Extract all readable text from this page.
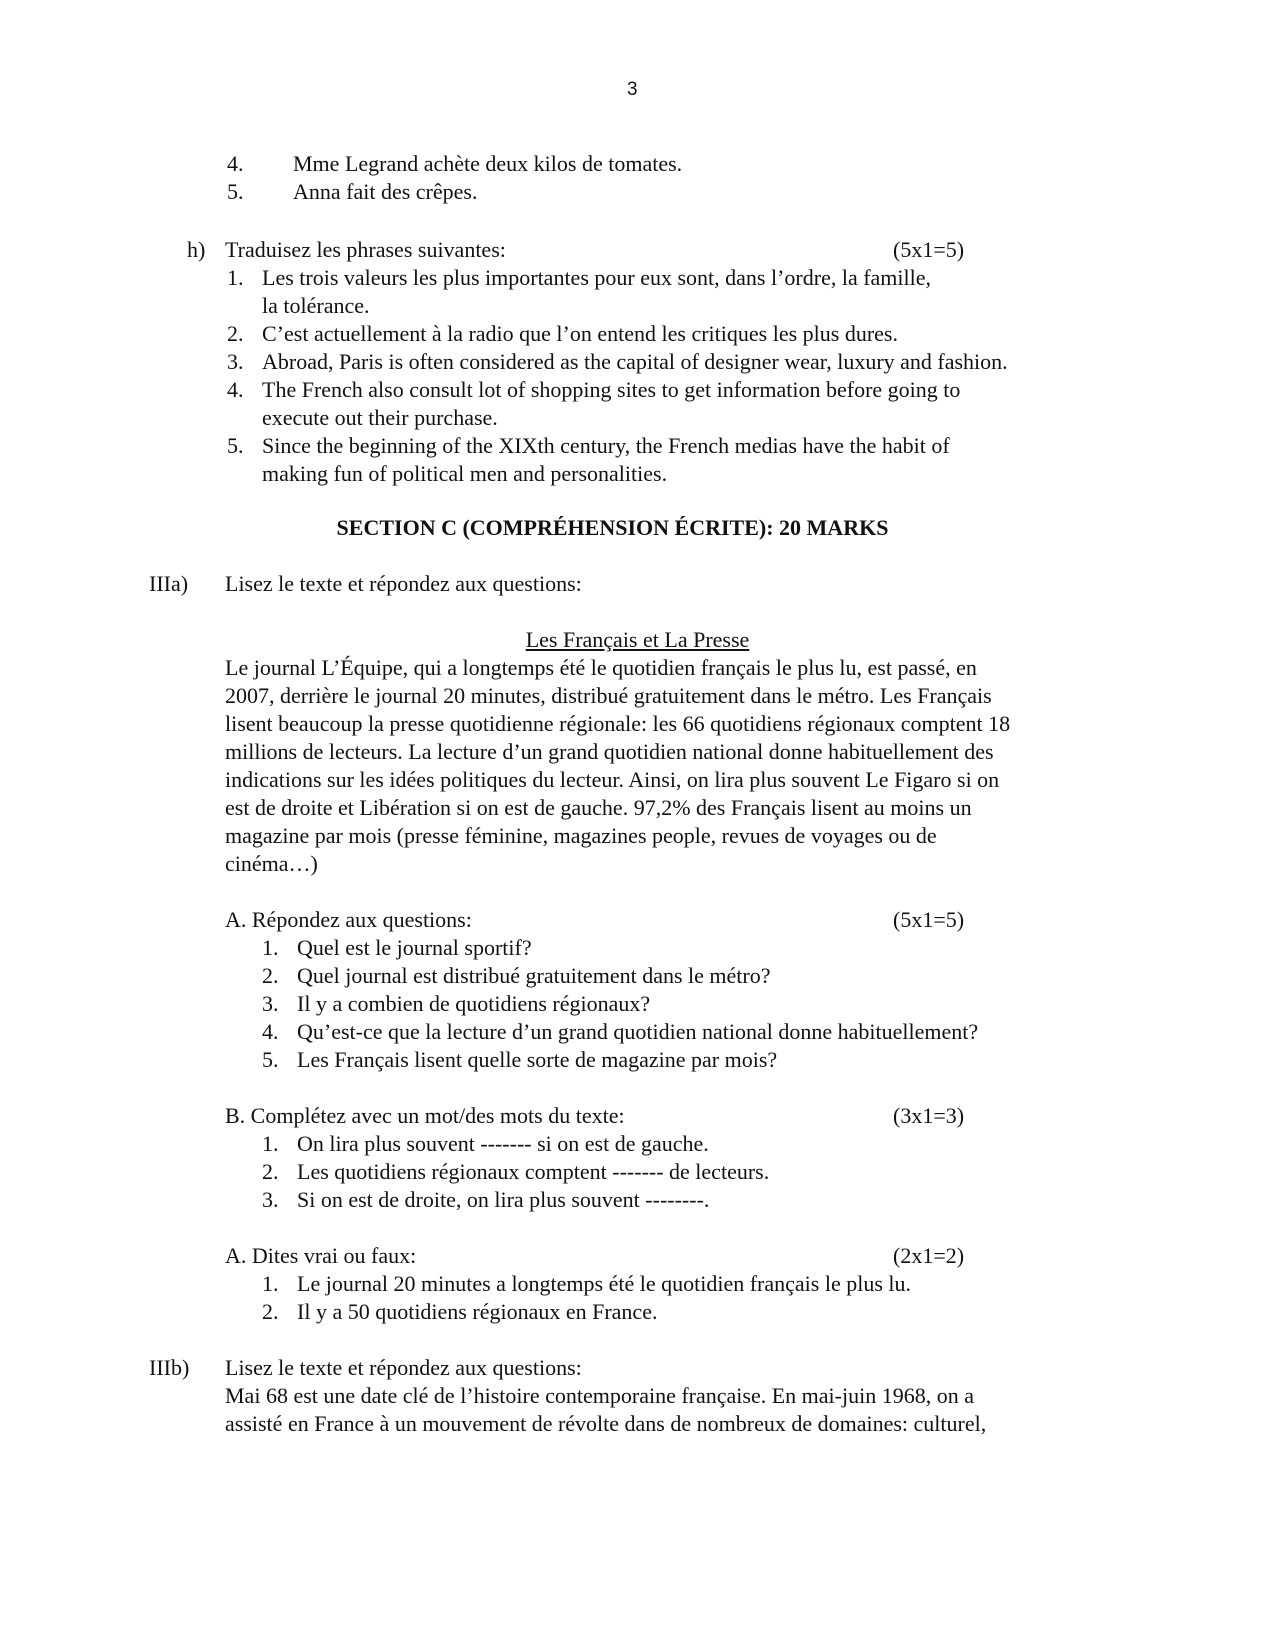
3
4. Mme Legrand achète deux kilos de tomates.
5. Anna fait des crêpes.
h) Traduisez les phrases suivantes:	(5x1=5)
1. Les trois valeurs les plus importantes pour eux sont, dans l’ordre, la famille,
la tolérance.
2. C’est actuellement à la radio que l’on entend les critiques les plus dures.
3. Abroad, Paris is often considered as the capital of designer wear, luxury and fashion.
4. The French also consult lot of shopping sites to get information before going to
execute out their purchase.
5. Since the beginning of the XIXth century, the French medias have the habit of
making fun of political men and personalities.
SECTION C (COMPRÉHENSION ÉCRITE): 20 MARKS
IIIa) Lisez le texte et répondez aux questions:
Les Français et La Presse
Le journal L’Équipe, qui a longtemps été le quotidien français le plus lu, est passé, en
2007, derrière le journal 20 minutes, distribué gratuitement dans le métro. Les Français
lisent beaucoup la presse quotidienne régionale: les 66 quotidiens régionaux comptent 18
millions de lecteurs. La lecture d’un grand quotidien national donne habituellement des
indications sur les idées politiques du lecteur. Ainsi, on lira plus souvent Le Figaro si on
est de droite et Libération si on est de gauche. 97,2% des Français lisent au moins un
magazine par mois (presse féminine, magazines people, revues de voyages ou de
cinéma…)
A. Répondez aux questions:	(5x1=5)
1. Quel est le journal sportif?
2. Quel journal est distribué gratuitement dans le métro?
3. Il y a combien de quotidiens régionaux?
4. Qu’est-ce que la lecture d’un grand quotidien national donne habituellement?
5. Les Français lisent quelle sorte de magazine par mois?
B. Complétez avec un mot/des mots du texte:	(3x1=3)
1. On lira plus souvent ------- si on est de gauche.
2. Les quotidiens régionaux comptent ------- de lecteurs.
3. Si on est de droite, on lira plus souvent --------.
A. Dites vrai ou faux:	(2x1=2)
1. Le journal 20 minutes a longtemps été le quotidien français le plus lu.
2. Il y a 50 quotidiens régionaux en France.
IIIb) Lisez le texte et répondez aux questions:
Mai 68 est une date clé de l’histoire contemporaine française. En mai-juin 1968, on a
assisté en France à un mouvement de révolte dans de nombreux de domaines: culturel,
